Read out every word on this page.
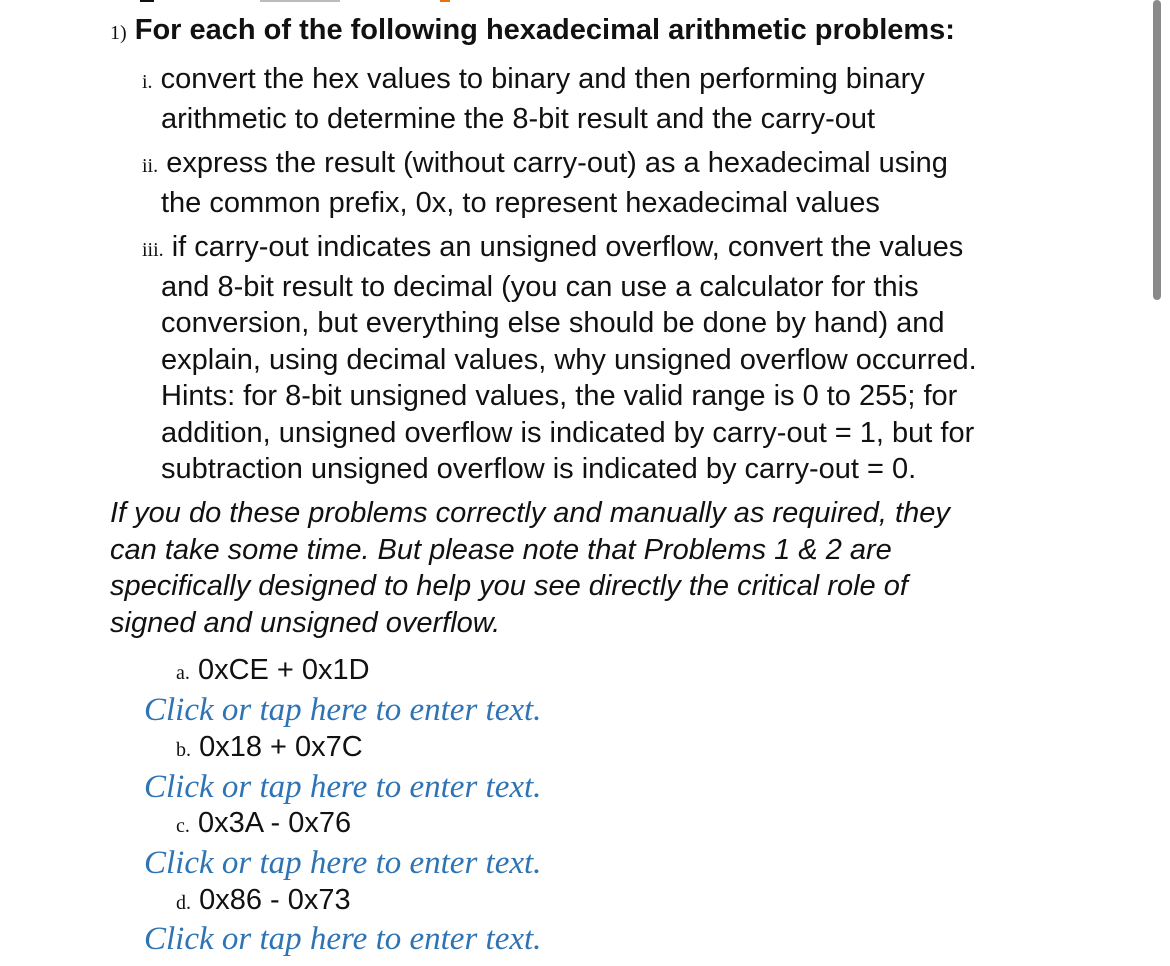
1) For each of the following hexadecimal arithmetic problems:
i. convert the hex values to binary and then performing binary
arithmetic to determine the 8-bit result and the carry-out
ii. express the result (without carry-out) as a hexadecimal using
the common prefix, 0x, to represent hexadecimal values
iii. if carry-out indicates an unsigned overflow, convert the values
and 8-bit result to decimal (you can use a calculator for this
conversion, but everything else should be done by hand) and
explain, using decimal values, why unsigned overflow occurred.
Hints: for 8-bit unsigned values, the valid range is 0 to 255; for
addition, unsigned overflow is indicated by carry-out = 1, but for
subtraction unsigned overflow is indicated by carry-out = 0.
If you do these problems correctly and manually as required, they
can take some time. But please note that Problems 1 & 2 are
specifically designed to help you see directly the critical role of
signed and unsigned overflow.
a. 0xCE + 0x1D
Click or tap here to enter text.
b. 0x18 + 0x7C
Click or tap here to enter text.
c. 0x3A - 0x76
Click or tap here to enter text.
d. 0x86 - 0x73
Click or tap here to enter text.
